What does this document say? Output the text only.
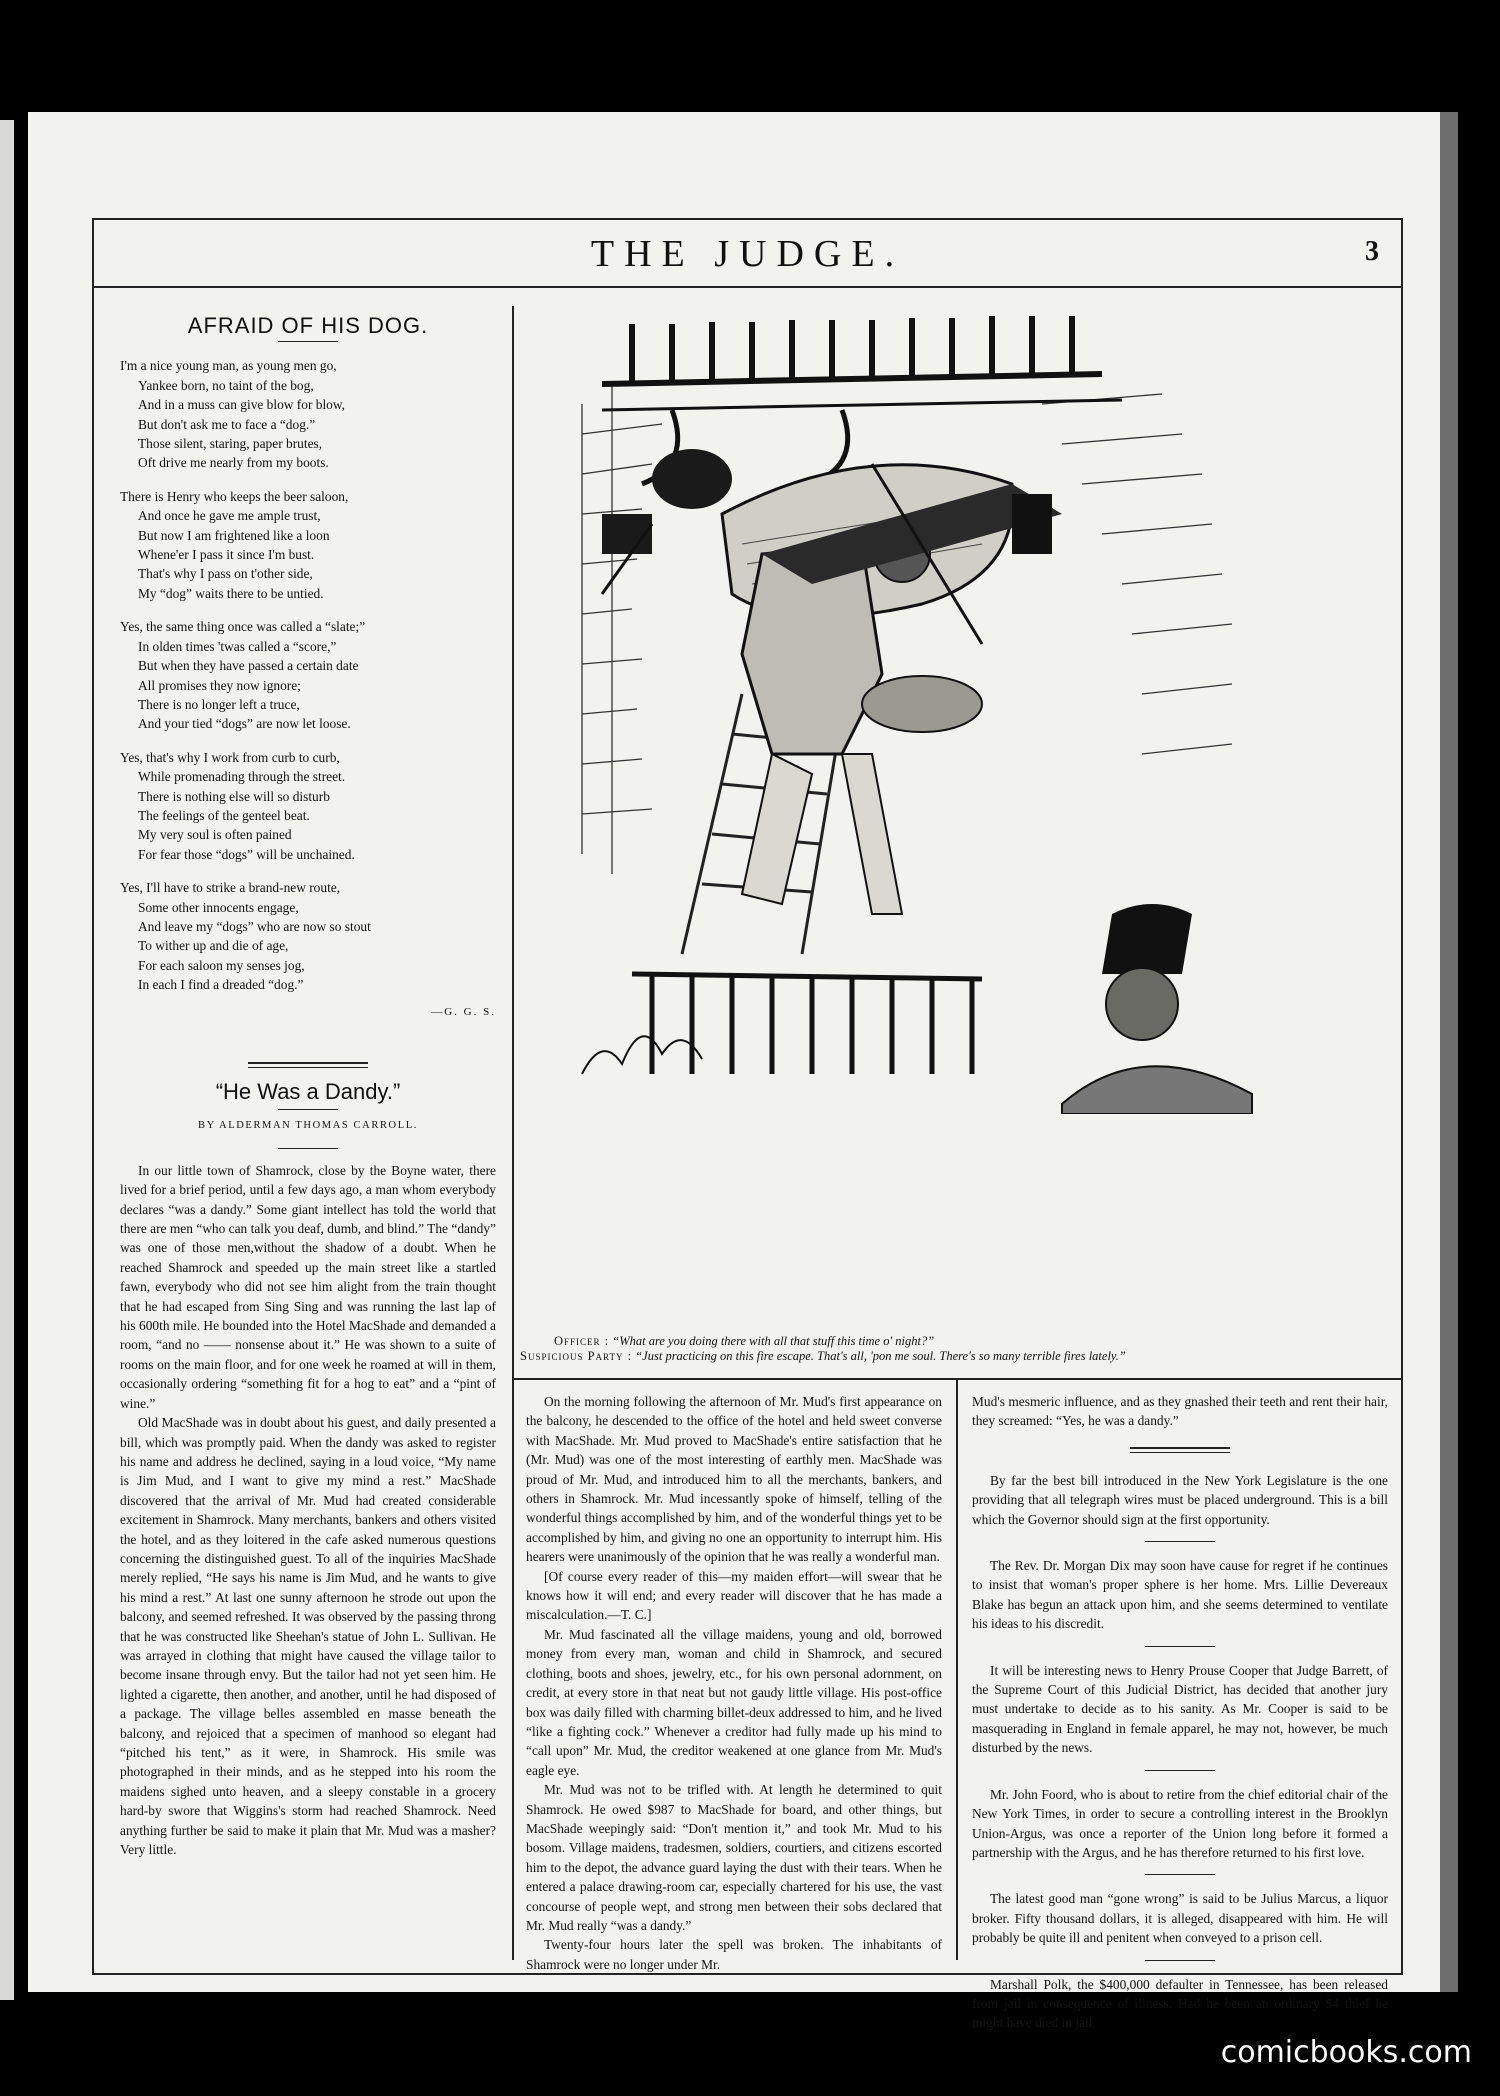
THE JUDGE.	3
AFRAID OF HIS DOG.
I'm a nice young man, as young men go,
Yankee born, no taint of the bog,
And in a muss can give blow for blow,
But don't ask me to face a “dog.”
Those silent, staring, paper brutes,
Oft drive me nearly from my boots.
There is Henry who keeps the beer saloon,
And once he gave me ample trust,
But now I am frightened like a loon
Whene'er I pass it since I'm bust.
That's why I pass on t'other side,
My “dog” waits there to be untied.
Yes, the same thing once was called a “slate;”
In olden times 'twas called a “score,”
But when they have passed a certain date
All promises they now ignore;
There is no longer left a truce,
And your tied “dogs” are now let loose.
Yes, that's why I work from curb to curb,
While promenading through the street.
There is nothing else will so disturb
The feelings of the genteel beat.
My very soul is often pained
For fear those “dogs” will be unchained.
Yes, I'll have to strike a brand-new route,
Some other innocents engage,
And leave my “dogs” who are now so stout
To wither up and die of age,
For each saloon my senses jog,
In each I find a dreaded “dog.”
—G. G. S.
“He Was a Dandy.”
BY ALDERMAN THOMAS CARROLL.

In our little town of Shamrock, close by the Boyne water, there lived for a brief period, until a few days ago, a man whom everybody declares “was a dandy.” Some giant intellect has told the world that there are men “who can talk you deaf, dumb, and blind.” The “dandy” was one of those men,without the shadow of a doubt. When he reached Shamrock and speeded up the main street like a startled fawn, everybody who did not see him alight from the train thought that he had escaped from Sing Sing and was running the last lap of his 600th mile. He bounded into the Hotel MacShade and demanded a room, “and no —— nonsense about it.” He was shown to a suite of rooms on the main floor, and for one week he roamed at will in them, occasionally ordering “something fit for a hog to eat” and a “pint of wine.”

Old MacShade was in doubt about his guest, and daily presented a bill, which was promptly paid. When the dandy was asked to register his name and address he declined, saying in a loud voice, “My name is Jim Mud, and I want to give my mind a rest.” MacShade discovered that the arrival of Mr. Mud had created considerable excitement in Shamrock. Many merchants, bankers and others visited the hotel, and as they loitered in the cafe asked numerous questions concerning the distinguished guest. To all of the inquiries MacShade merely replied, “He says his name is Jim Mud, and he wants to give his mind a rest.” At last one sunny afternoon he strode out upon the balcony, and seemed refreshed. It was observed by the passing throng that he was constructed like Sheehan's statue of John L. Sullivan. He was arrayed in clothing that might have caused the village tailor to become insane through envy. But the tailor had not yet seen him. He lighted a cigarette, then another, and another, until he had disposed of a package. The village belles assembled en masse beneath the balcony, and rejoiced that a specimen of manhood so elegant had “pitched his tent,” as it were, in Shamrock. His smile was photographed in their minds, and as he stepped into his room the maidens sighed unto heaven, and a sleepy constable in a grocery hard-by swore that Wiggins's storm had reached Shamrock. Need anything further be said to make it plain that Mr. Mud was a masher? Very little.

Officer : “What are you doing there with all that stuff this time o' night?”
Suspicious Party : “Just practicing on this fire escape. That's all, 'pon me soul. There's so many terrible fires lately.”

On the morning following the afternoon of Mr. Mud's first appearance on the balcony, he descended to the office of the hotel and held sweet converse with MacShade. Mr. Mud proved to MacShade's entire satisfaction that he (Mr. Mud) was one of the most interesting of earthly men. MacShade was proud of Mr. Mud, and introduced him to all the merchants, bankers, and others in Shamrock. Mr. Mud incessantly spoke of himself, telling of the wonderful things accomplished by him, and of the wonderful things yet to be accomplished by him, and giving no one an opportunity to interrupt him. His hearers were unanimously of the opinion that he was really a wonderful man.

[Of course every reader of this—my maiden effort—will swear that he knows how it will end; and every reader will discover that he has made a miscalculation.—T. C.]

Mr. Mud fascinated all the village maidens, young and old, borrowed money from every man, woman and child in Shamrock, and secured clothing, boots and shoes, jewelry, etc., for his own personal adornment, on credit, at every store in that neat but not gaudy little village. His post-office box was daily filled with charming billet-deux addressed to him, and he lived “like a fighting cock.” Whenever a creditor had fully made up his mind to “call upon” Mr. Mud, the creditor weakened at one glance from Mr. Mud's eagle eye.

Mr. Mud was not to be trifled with. At length he determined to quit Shamrock. He owed $987 to MacShade for board, and other things, but MacShade weepingly said: “Don't mention it,” and took Mr. Mud to his bosom. Village maidens, tradesmen, soldiers, courtiers, and citizens escorted him to the depot, the advance guard laying the dust with their tears. When he entered a palace drawing-room car, especially chartered for his use, the vast concourse of people wept, and strong men between their sobs declared that Mr. Mud really “was a dandy.”

Twenty-four hours later the spell was broken. The inhabitants of Shamrock were no longer under Mr.

Mud's mesmeric influence, and as they gnashed their teeth and rent their hair, they screamed: “Yes, he was a dandy.”

By far the best bill introduced in the New York Legislature is the one providing that all telegraph wires must be placed underground. This is a bill which the Governor should sign at the first opportunity.

The Rev. Dr. Morgan Dix may soon have cause for regret if he continues to insist that woman's proper sphere is her home. Mrs. Lillie Devereaux Blake has begun an attack upon him, and she seems determined to ventilate his ideas to his discredit.

It will be interesting news to Henry Prouse Cooper that Judge Barrett, of the Supreme Court of this Judicial District, has decided that another jury must undertake to decide as to his sanity. As Mr. Cooper is said to be masquerading in England in female apparel, he may not, however, be much disturbed by the news.

Mr. John Foord, who is about to retire from the chief editorial chair of the New York Times, in order to secure a controlling interest in the Brooklyn Union-Argus, was once a reporter of the Union long before it formed a partnership with the Argus, and he has therefore returned to his first love.

The latest good man “gone wrong” is said to be Julius Marcus, a liquor broker. Fifty thousand dollars, it is alleged, disappeared with him. He will probably be quite ill and penitent when conveyed to a prison cell.

Marshall Polk, the $400,000 defaulter in Tennessee, has been released from jail in consequence of illness. Had he been an ordinary $4 thief he might have died in jail.

comicbooks.com
